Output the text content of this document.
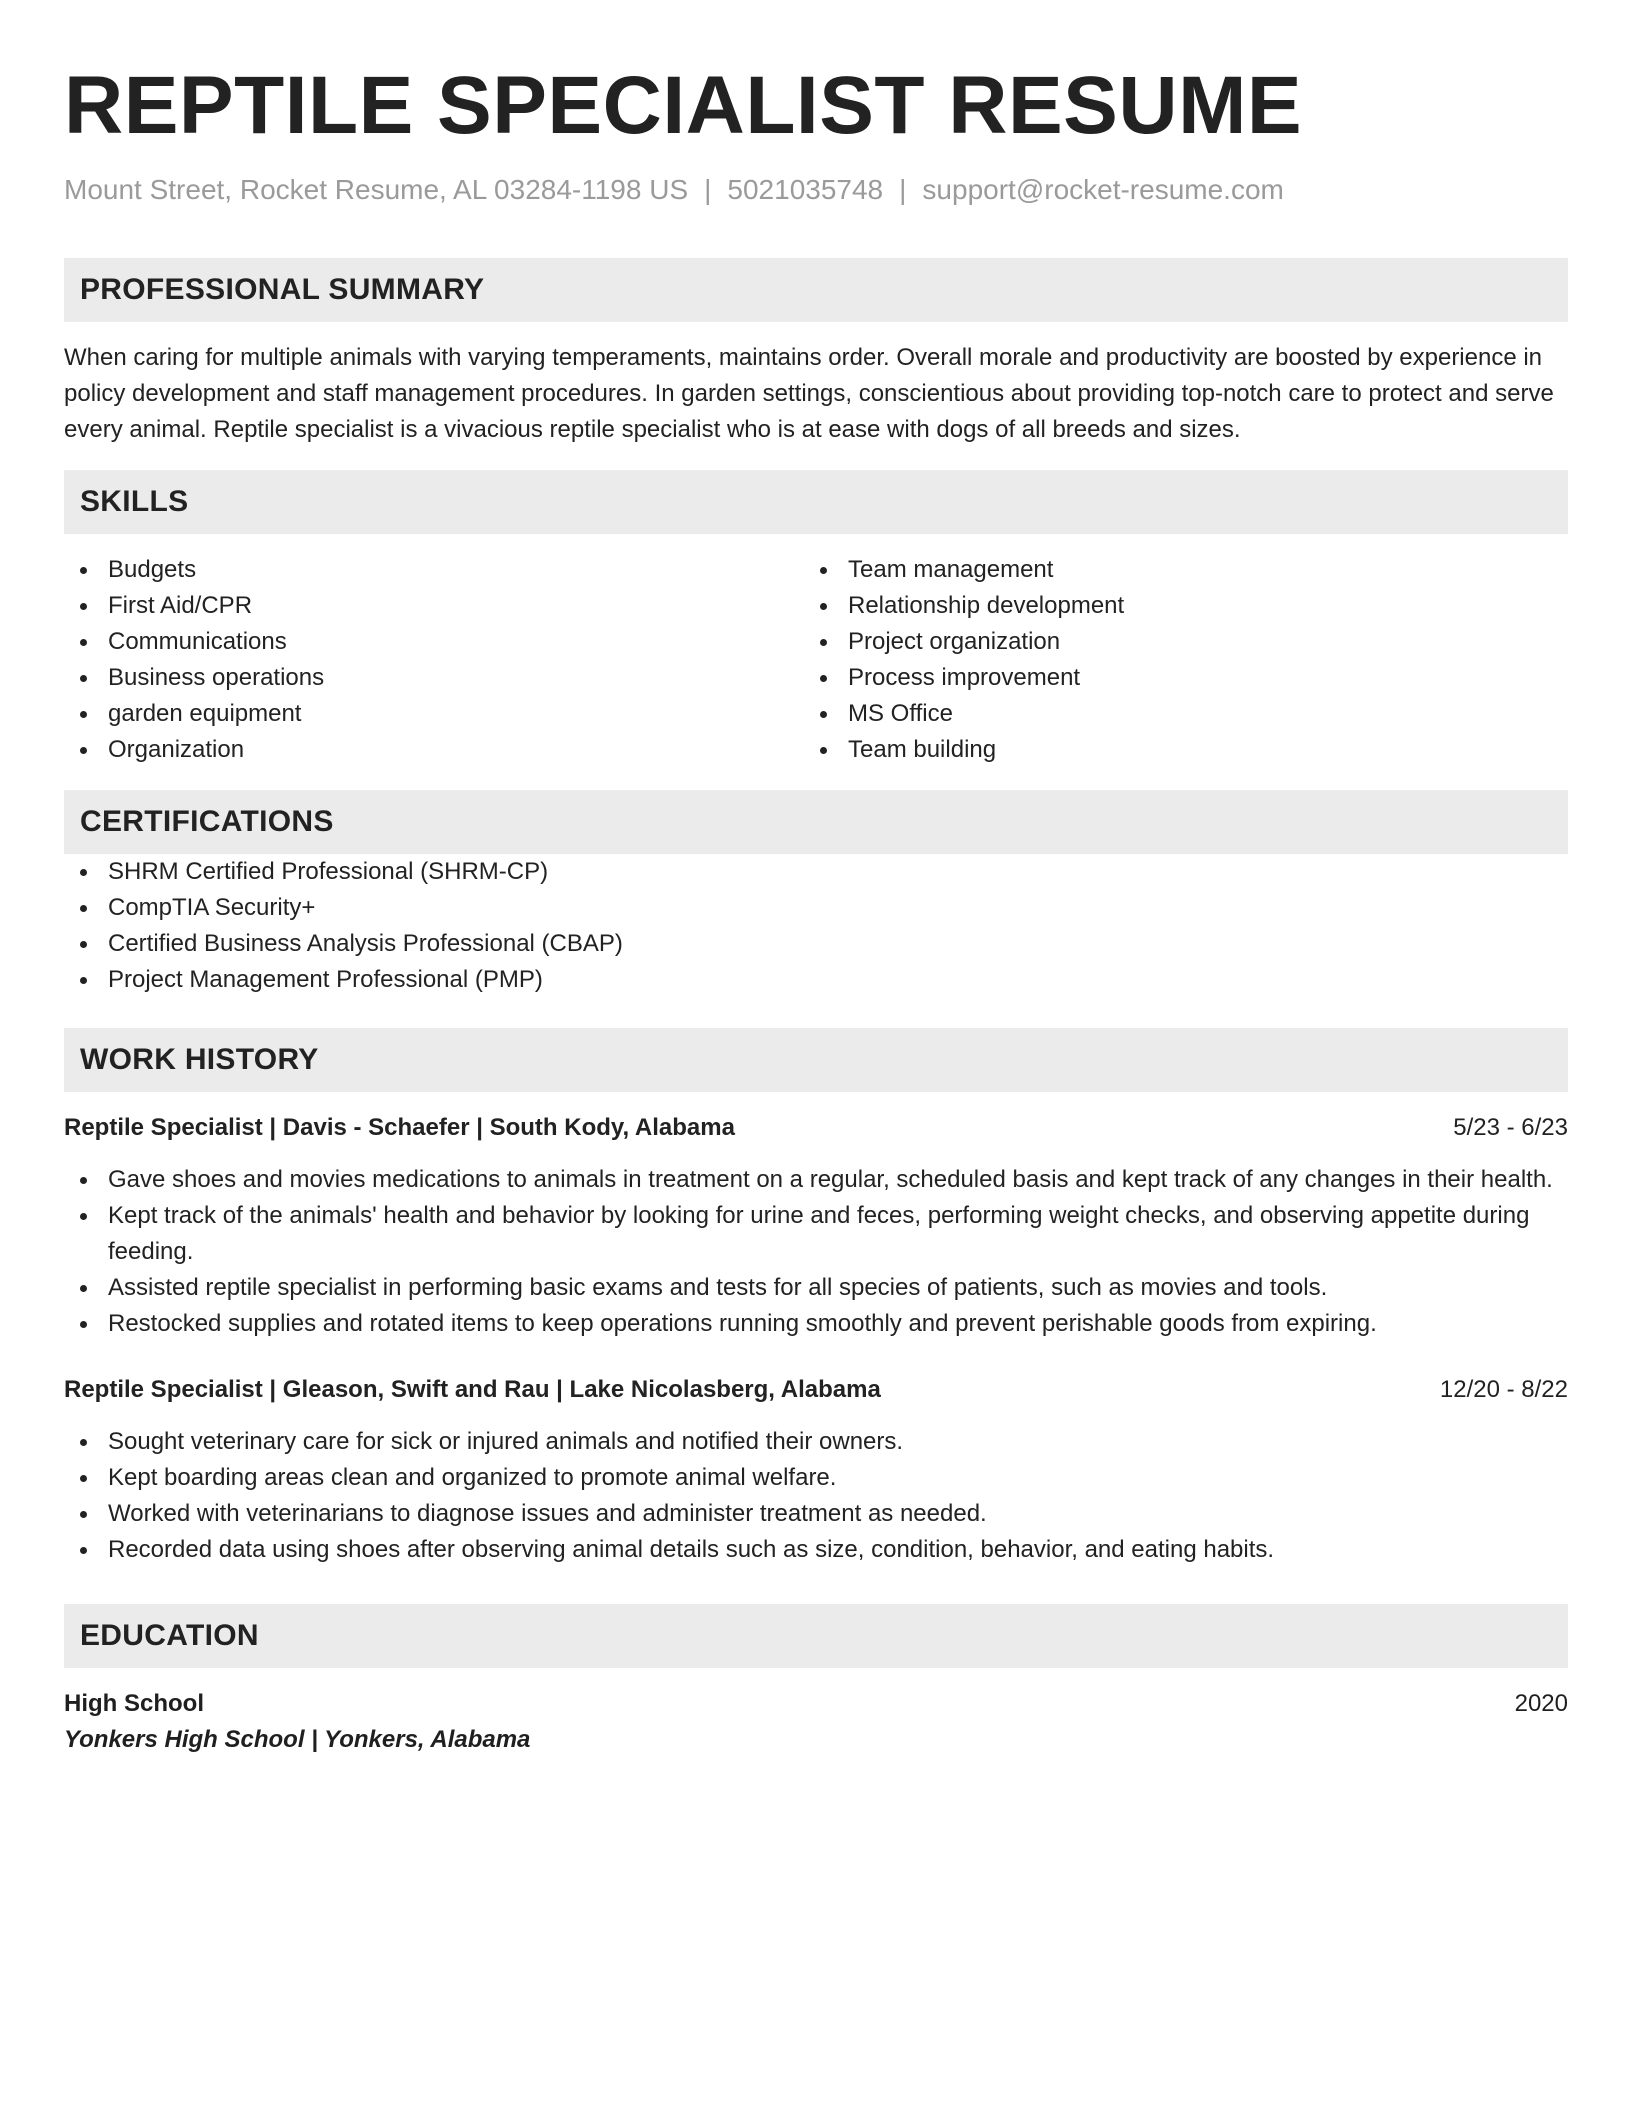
REPTILE SPECIALIST RESUME
Mount Street, Rocket Resume, AL 03284-1198 US | 5021035748 | support@rocket-resume.com
PROFESSIONAL SUMMARY

When caring for multiple animals with varying temperaments, maintains order. Overall morale and productivity are boosted by experience in policy development and staff management procedures. In garden settings, conscientious about providing top-notch care to protect and serve every animal. Reptile specialist is a vivacious reptile specialist who is at ease with dogs of all breeds and sizes.

SKILLS
Budgets
First Aid/CPR
Communications
Business operations
garden equipment
Organization
Team management
Relationship development
Project organization
Process improvement
MS Office
Team building
CERTIFICATIONS
SHRM Certified Professional (SHRM-CP)
CompTIA Security+
Certified Business Analysis Professional (CBAP)
Project Management Professional (PMP)
WORK HISTORY
Reptile Specialist | Davis - Schaefer | South Kody, Alabama	5/23 - 6/23
Gave shoes and movies medications to animals in treatment on a regular, scheduled basis and kept track of any changes in their health.
Kept track of the animals' health and behavior by looking for urine and feces, performing weight checks, and observing appetite during feeding.
Assisted reptile specialist in performing basic exams and tests for all species of patients, such as movies and tools.
Restocked supplies and rotated items to keep operations running smoothly and prevent perishable goods from expiring.
Reptile Specialist | Gleason, Swift and Rau | Lake Nicolasberg, Alabama	12/20 - 8/22
Sought veterinary care for sick or injured animals and notified their owners.
Kept boarding areas clean and organized to promote animal welfare.
Worked with veterinarians to diagnose issues and administer treatment as needed.
Recorded data using shoes after observing animal details such as size, condition, behavior, and eating habits.
EDUCATION
High School	2020
Yonkers High School | Yonkers, Alabama
